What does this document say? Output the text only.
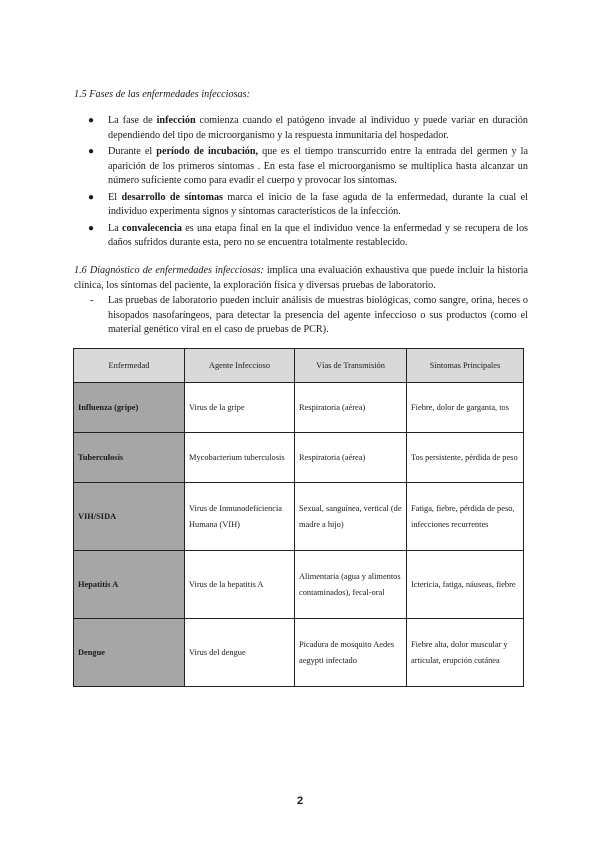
1.5 Fases de las enfermedades infecciosas:
● La fase de infección comienza cuando el patógeno invade al individuo y puede variar en duración dependiendo del tipo de microorganismo y la respuesta inmunitaria del hospedador.
● Durante el período de incubación, que es el tiempo transcurrido entre la entrada del germen y la aparición de los primeros síntomas . En esta fase el microorganismo se multiplica hasta alcanzar un número suficiente como para evadir el cuerpo y provocar los síntomas.
● El desarrollo de síntomas marca el inicio de la fase aguda de la enfermedad, durante la cual el individuo experimenta signos y síntomas característicos de la infección.
● La convalecencia es una etapa final en la que el individuo vence la enfermedad y se recupera de los daños sufridos durante esta, pero no se encuentra totalmente restablecido.
1.6 Diagnóstico de enfermedades infecciosas: implica una evaluación exhaustiva que puede incluir la historia clínica, los síntomas del paciente, la exploración física y diversas pruebas de laboratorio.
-	Las pruebas de laboratorio pueden incluir análisis de muestras biológicas, como sangre, orina, heces o hisopados nasofaríngeos, para detectar la presencia del agente infeccioso o sus productos (como el material genético viral en el caso de pruebas de PCR).
Enfermedad	Agente Infeccioso	Vías de Transmisión	Síntomas Principales
Influenza (gripe)	Virus de la gripe	Respiratoria (aérea)	Fiebre, dolor de garganta, tos
Tuberculosis	Mycobacterium tuberculosis	Respiratoria (aérea)	Tos persistente, pérdida de peso
VIH/SIDA	Virus de Inmunodeficiencia Humana (VIH)	Sexual, sanguínea, vertical (de madre a hijo)	Fatiga, fiebre, pérdida de peso, infecciones recurrentes
Hepatitis A	Virus de la hepatitis A	Alimentaria (agua y alimentos contaminados), fecal-oral	Ictericia, fatiga, náuseas, fiebre
Dengue	Virus del dengue	Picadura de mosquito Aedes aegypti infectado	Fiebre alta, dolor muscular y articular, erupción cutánea
2
